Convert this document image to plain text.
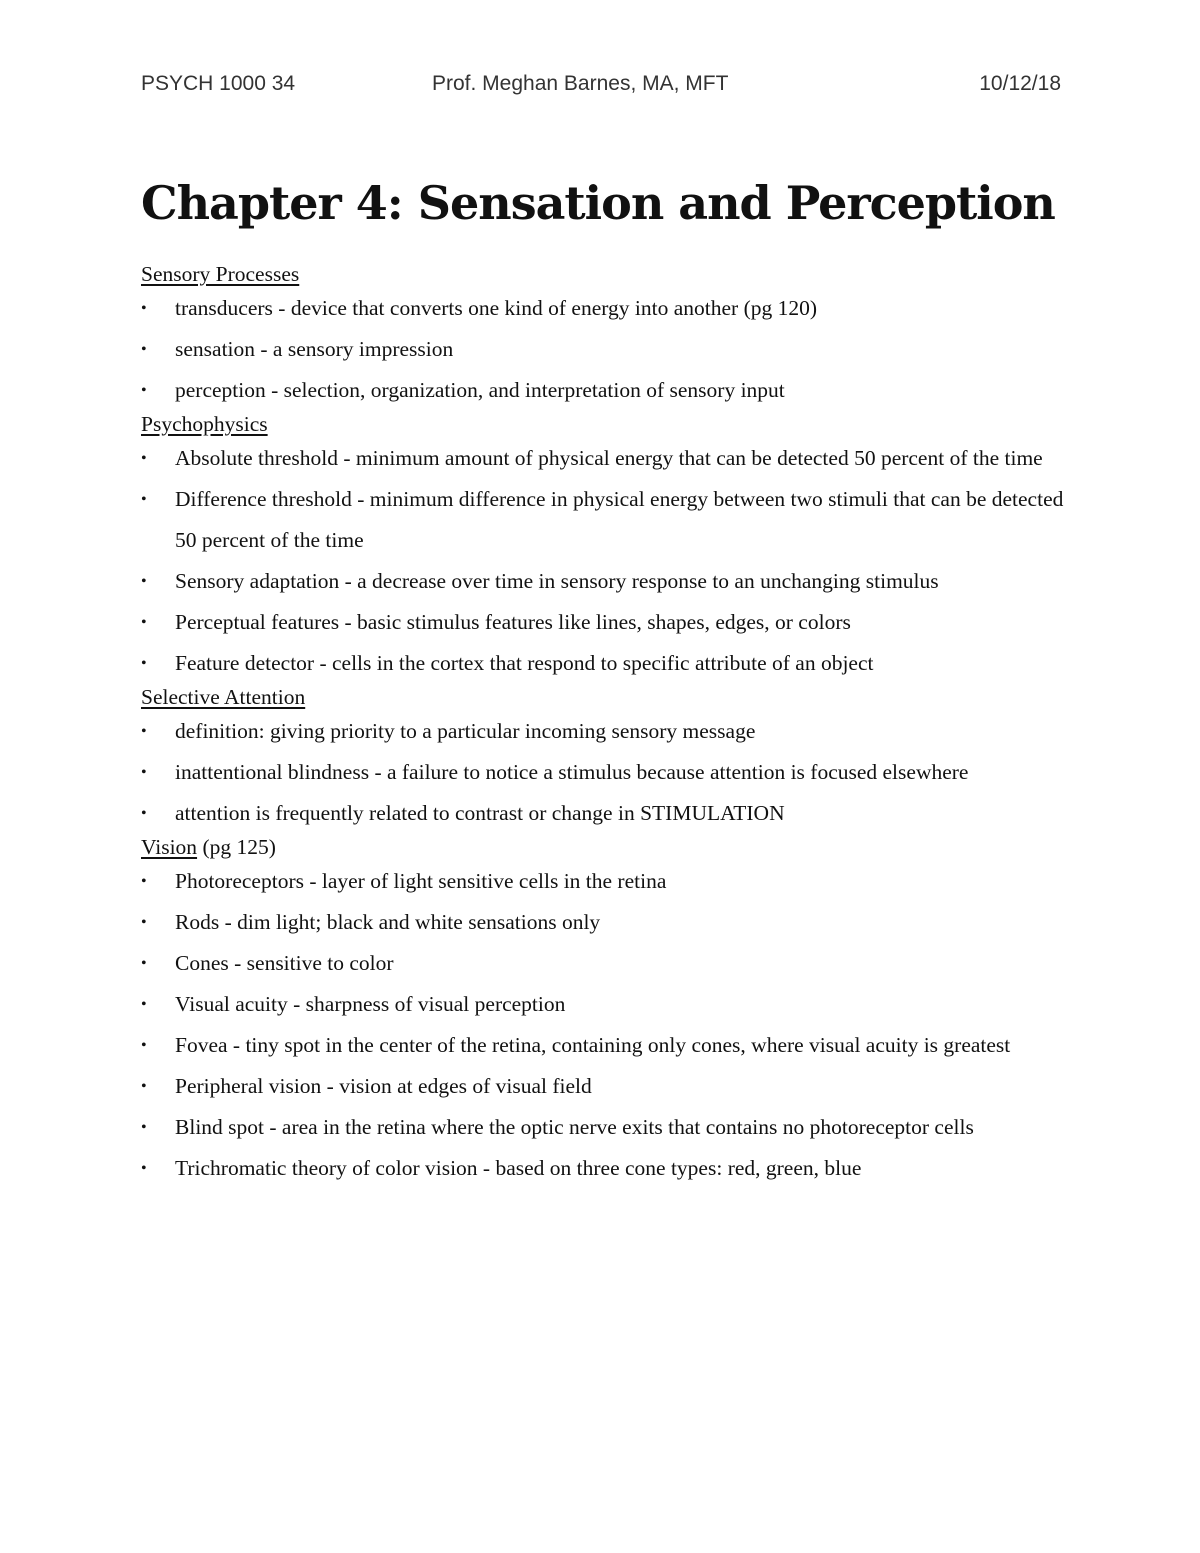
PSYCH 1000 34	Prof. Meghan Barnes, MA, MFT	10/12/18
Chapter 4: Sensation and Perception

Sensory Processes

• transducers - device that converts one kind of energy into another (pg 120)
• sensation - a sensory impression
• perception - selection, organization, and interpretation of sensory input

Psychophysics

• Absolute threshold - minimum amount of physical energy that can be detected 50 percent of the time
• Difference threshold - minimum difference in physical energy between two stimuli that can be detected 50 percent of the time
• Sensory adaptation - a decrease over time in sensory response to an unchanging stimulus
• Perceptual features - basic stimulus features like lines, shapes, edges, or colors
• Feature detector - cells in the cortex that respond to specific attribute of an object

Selective Attention

• definition: giving priority to a particular incoming sensory message
• inattentional blindness - a failure to notice a stimulus because attention is focused elsewhere
• attention is frequently related to contrast or change in STIMULATION

Vision (pg 125)

• Photoreceptors - layer of light sensitive cells in the retina
• Rods - dim light; black and white sensations only
• Cones - sensitive to color
• Visual acuity - sharpness of visual perception
• Fovea - tiny spot in the center of the retina, containing only cones, where visual acuity is greatest
• Peripheral vision - vision at edges of visual field
• Blind spot - area in the retina where the optic nerve exits that contains no photoreceptor cells
• Trichromatic theory of color vision - based on three cone types: red, green, blue
